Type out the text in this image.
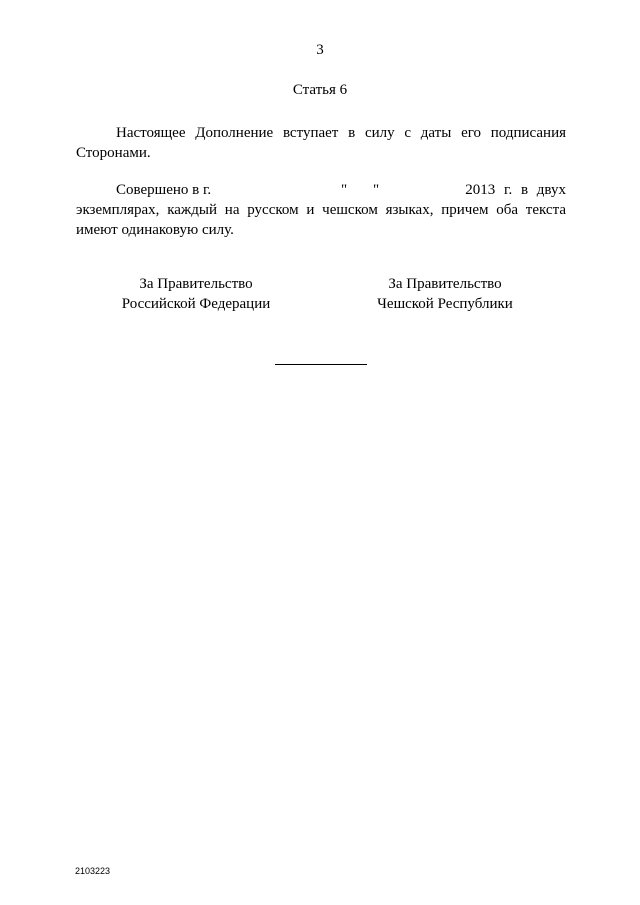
3
Статья 6
Настоящее Дополнение вступает в силу с даты его подписания
Сторонами.
Совершено в г.	" "	2013 г. в двух
экземплярах, каждый на русском и чешском языках, причем оба текста
имеют одинаковую силу.
За Правительство
Российской Федерации
За Правительство
Чешской Республики
2103223
